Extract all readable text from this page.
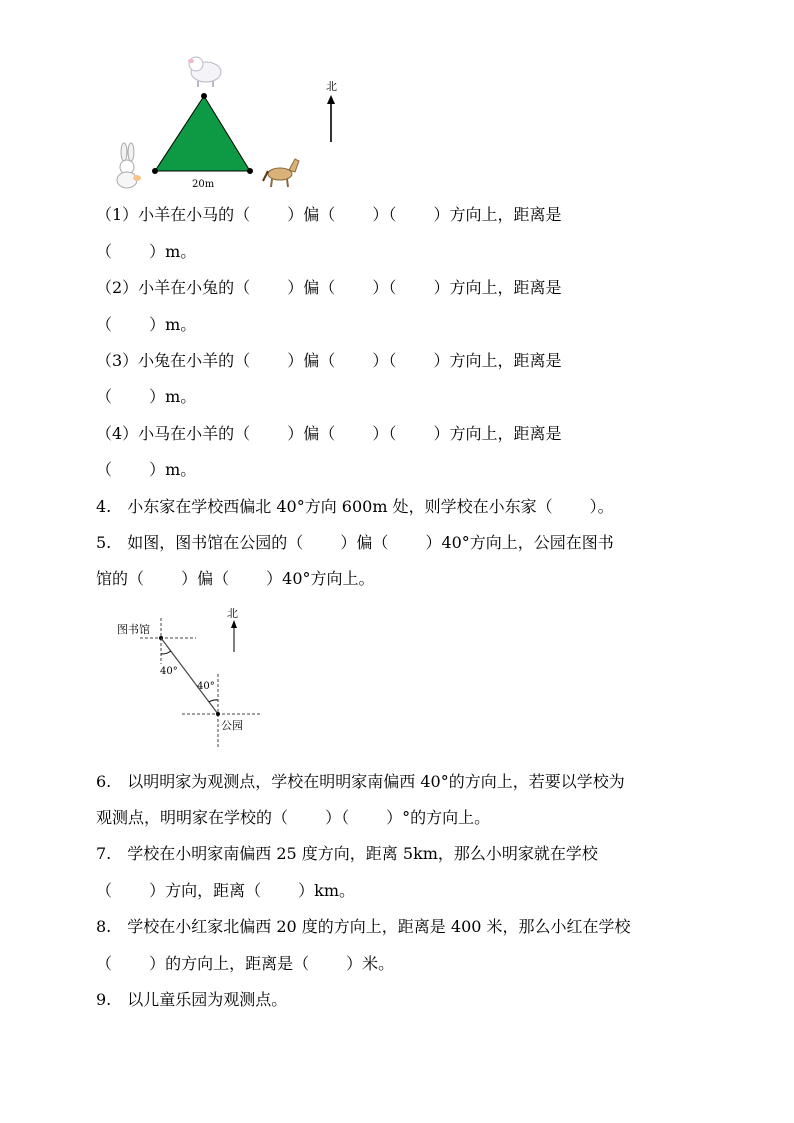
20m
北

（1）小羊在小马的（　　 ）偏（　　 ）（　　 ）方向上，距离是

（　　 ）m。

（2）小羊在小兔的（　　 ）偏（　　 ）（　　 ）方向上，距离是

（　　 ）m。

（3）小兔在小羊的（　　 ）偏（　　 ）（　　 ）方向上，距离是

（　　 ）m。

（4）小马在小羊的（　　 ）偏（　　 ）（　　 ）方向上，距离是

（　　 ）m。

4.　小东家在学校西偏北 40°方向 600m 处，则学校在小东家（　　 ）。

5.　如图，图书馆在公园的（　　 ）偏（　　 ）40°方向上，公园在图书

馆的（　　 ）偏（　　 ）40°方向上。

图书馆
北
40°
40°
公园

6.　以明明家为观测点，学校在明明家南偏西 40°的方向上，若要以学校为

观测点，明明家在学校的（　　 ）（　　 ）°的方向上。

7.　学校在小明家南偏西 25 度方向，距离 5km，那么小明家就在学校

（　　 ）方向，距离（　　 ）km。

8.　学校在小红家北偏西 20 度的方向上，距离是 400 米，那么小红在学校

（　　 ）的方向上，距离是（　　 ）米。

9.　以儿童乐园为观测点。
